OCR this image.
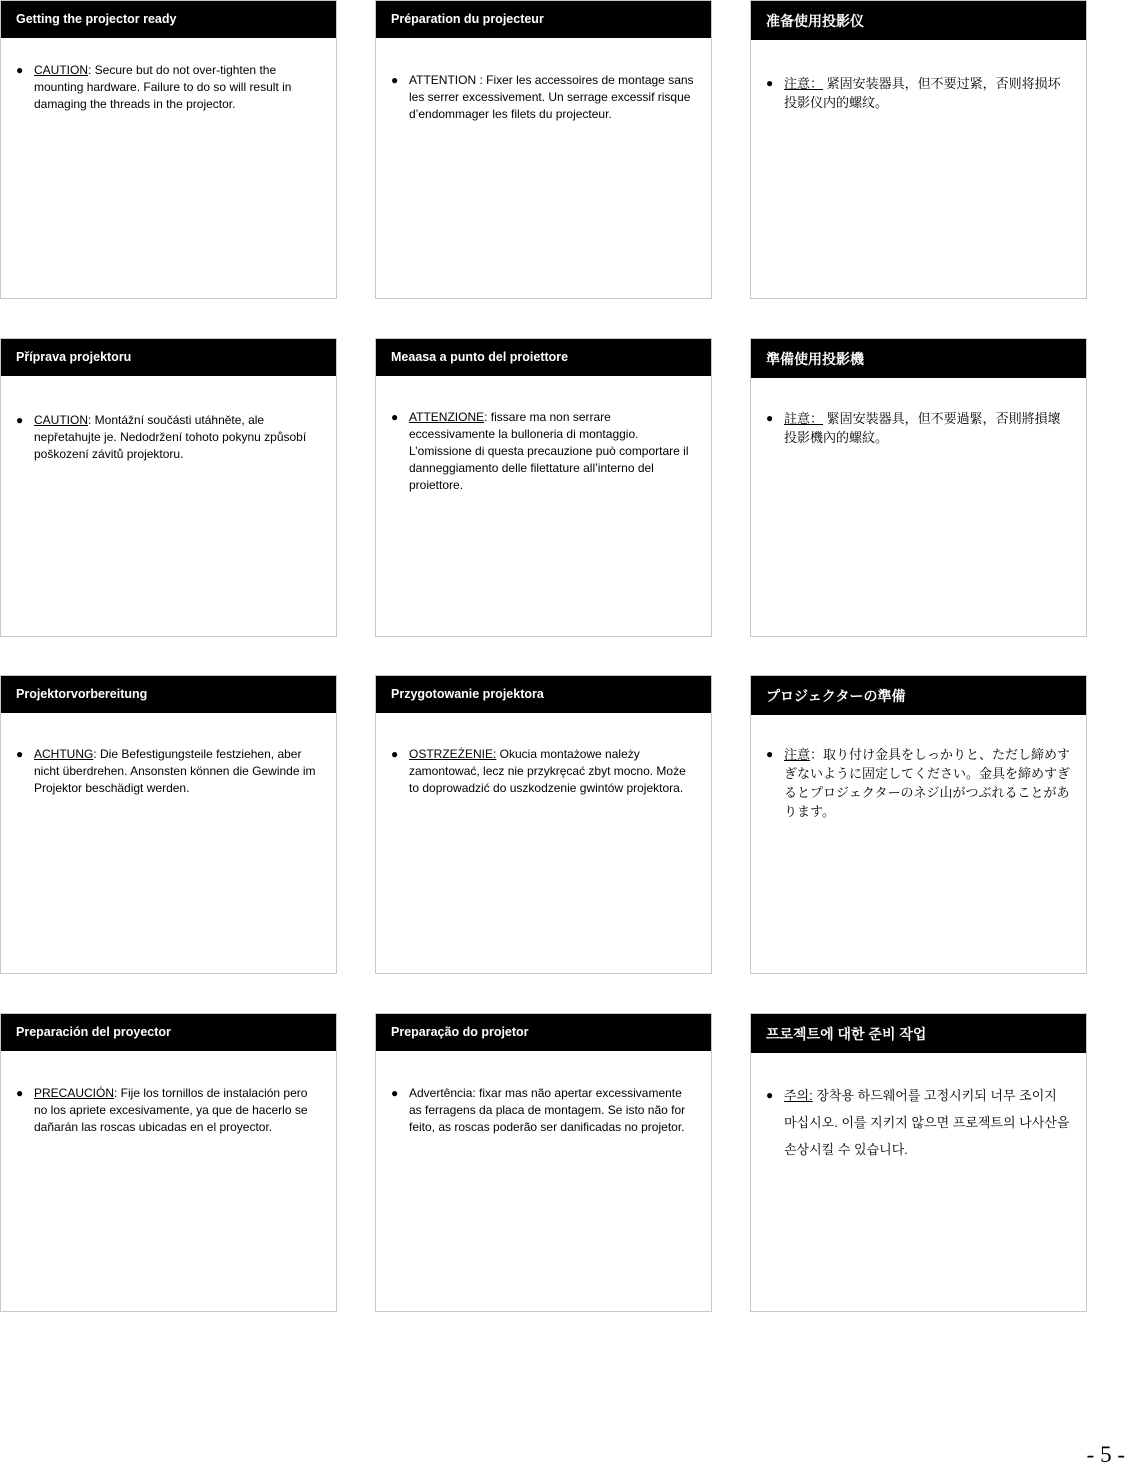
Getting the projector ready
● CAUTION: Secure but do not over-tighten the mounting hardware. Failure to do so will result in damaging the threads in the projector.
Préparation du projecteur
● ATTENTION : Fixer les accessoires de montage sans les serrer excessivement. Un serrage excessif risque d’endommager les filets du projecteur.
准备使用投影仪
● 注意： 紧固安装器具，但不要过紧，否则将损坏投影仪内的螺纹。
Příprava projektoru
● CAUTION: Montážní součásti utáhněte, ale nepřetahujte je. Nedodržení tohoto pokynu způsobí poškození závitů projektoru.
Meaasa a punto del proiettore
● ATTENZIONE: fissare ma non serrare eccessivamente la bulloneria di montaggio. L’omissione di questa precauzione può comportare il danneggiamento delle filettature all’interno del proiettore.
準備使用投影機
● 註意： 緊固安裝器具，但不要過緊，否則將損壞投影機內的螺紋。
Projektorvorbereitung
● ACHTUNG: Die Befestigungsteile festziehen, aber nicht überdrehen. Ansonsten können die Gewinde im Projektor beschädigt werden.
Przygotowanie projektora
● OSTRZEŻENIE: Okucia montażowe należy zamontować, lecz nie przykręcać zbyt mocno. Może to doprowadzić do uszkodzenie gwintów projektora.
プロジェクターの準備
● 注意：取り付け金具をしっかりと、ただし締めすぎないように固定してください。金具を締めすぎるとプロジェクターのネジ山がつぶれることがあります。
Preparación del proyector
● PRECAUCIÓN: Fije los tornillos de instalación pero no los apriete excesivamente, ya que de hacerlo se dañarán las roscas ubicadas en el proyector.
Preparação do projetor
● Advertência: fixar mas não apertar excessivamente as ferragens da placa de montagem. Se isto não for feito, as roscas poderão ser danificadas no projetor.
프로젝트에 대한 준비 작업
● 주의: 장착용 하드웨어를 고정시키되 너무 조이지 마십시오. 이를 지키지 않으면 프로젝트의 나사산을 손상시킬 수 있습니다.
- 5 -
